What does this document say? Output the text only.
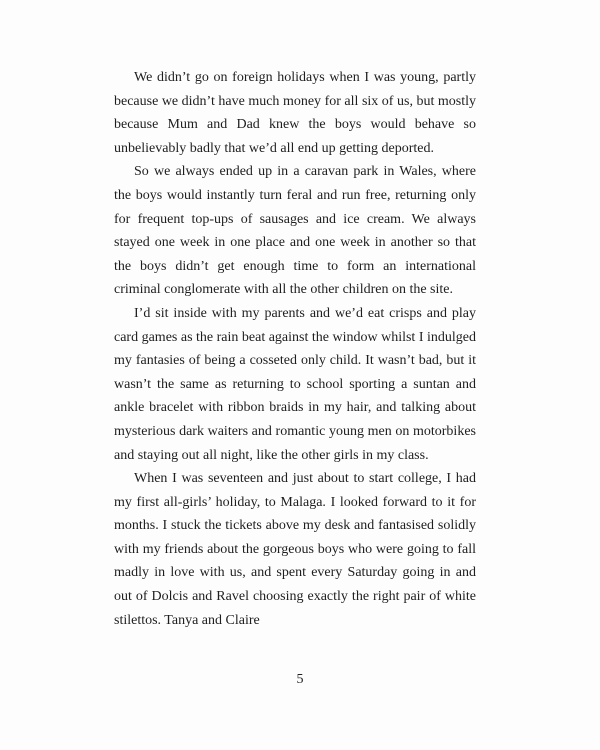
We didn’t go on foreign holidays when I was young, partly because we didn’t have much money for all six of us, but mostly because Mum and Dad knew the boys would behave so unbelievably badly that we’d all end up getting deported.

So we always ended up in a caravan park in Wales, where the boys would instantly turn feral and run free, returning only for frequent top-ups of sausages and ice cream. We always stayed one week in one place and one week in another so that the boys didn’t get enough time to form an international criminal conglomerate with all the other children on the site.

I’d sit inside with my parents and we’d eat crisps and play card games as the rain beat against the window whilst I indulged my fantasies of being a cosseted only child. It wasn’t bad, but it wasn’t the same as returning to school sporting a suntan and ankle bracelet with ribbon braids in my hair, and talking about mysterious dark waiters and romantic young men on motorbikes and staying out all night, like the other girls in my class.

When I was seventeen and just about to start college, I had my first all-girls’ holiday, to Malaga. I looked forward to it for months. I stuck the tickets above my desk and fantasised solidly with my friends about the gorgeous boys who were going to fall madly in love with us, and spent every Saturday going in and out of Dolcis and Ravel choosing exactly the right pair of white stilettos. Tanya and Claire

5
